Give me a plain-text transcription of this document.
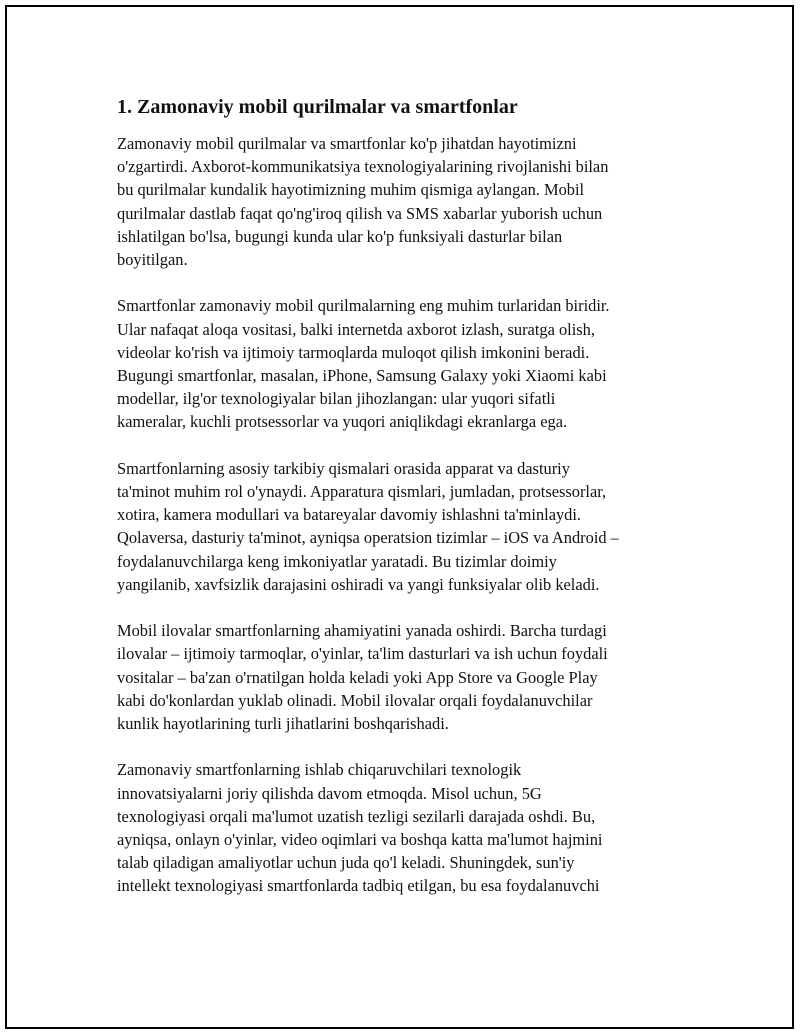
1. Zamonaviy mobil qurilmalar va smartfonlar

Zamonaviy mobil qurilmalar va smartfonlar ko'p jihatdan hayotimizni
o'zgartirdi. Axborot-kommunikatsiya texnologiyalarining rivojlanishi bilan
bu qurilmalar kundalik hayotimizning muhim qismiga aylangan. Mobil
qurilmalar dastlab faqat qo'ng'iroq qilish va SMS xabarlar yuborish uchun
ishlatilgan bo'lsa, bugungi kunda ular ko'p funksiyali dasturlar bilan
boyitilgan.

Smartfonlar zamonaviy mobil qurilmalarning eng muhim turlaridan biridir.
Ular nafaqat aloqa vositasi, balki internetda axborot izlash, suratga olish,
videolar ko'rish va ijtimoiy tarmoqlarda muloqot qilish imkonini beradi.
Bugungi smartfonlar, masalan, iPhone, Samsung Galaxy yoki Xiaomi kabi
modellar, ilg'or texnologiyalar bilan jihozlangan: ular yuqori sifatli
kameralar, kuchli protsessorlar va yuqori aniqlikdagi ekranlarga ega.

Smartfonlarning asosiy tarkibiy qismalari orasida apparat va dasturiy
ta'minot muhim rol o'ynaydi. Apparatura qismlari, jumladan, protsessorlar,
xotira, kamera modullari va batareyalar davomiy ishlashni ta'minlaydi.
Qolaversa, dasturiy ta'minot, ayniqsa operatsion tizimlar – iOS va Android –
foydalanuvchilarga keng imkoniyatlar yaratadi. Bu tizimlar doimiy
yangilanib, xavfsizlik darajasini oshiradi va yangi funksiyalar olib keladi.

Mobil ilovalar smartfonlarning ahamiyatini yanada oshirdi. Barcha turdagi
ilovalar – ijtimoiy tarmoqlar, o'yinlar, ta'lim dasturlari va ish uchun foydali
vositalar – ba'zan o'rnatilgan holda keladi yoki App Store va Google Play
kabi do'konlardan yuklab olinadi. Mobil ilovalar orqali foydalanuvchilar
kunlik hayotlarining turli jihatlarini boshqarishadi.

Zamonaviy smartfonlarning ishlab chiqaruvchilari texnologik
innovatsiyalarni joriy qilishda davom etmoqda. Misol uchun, 5G
texnologiyasi orqali ma'lumot uzatish tezligi sezilarli darajada oshdi. Bu,
ayniqsa, onlayn o'yinlar, video oqimlari va boshqa katta ma'lumot hajmini
talab qiladigan amaliyotlar uchun juda qo'l keladi. Shuningdek, sun'iy
intellekt texnologiyasi smartfonlarda tadbiq etilgan, bu esa foydalanuvchi
